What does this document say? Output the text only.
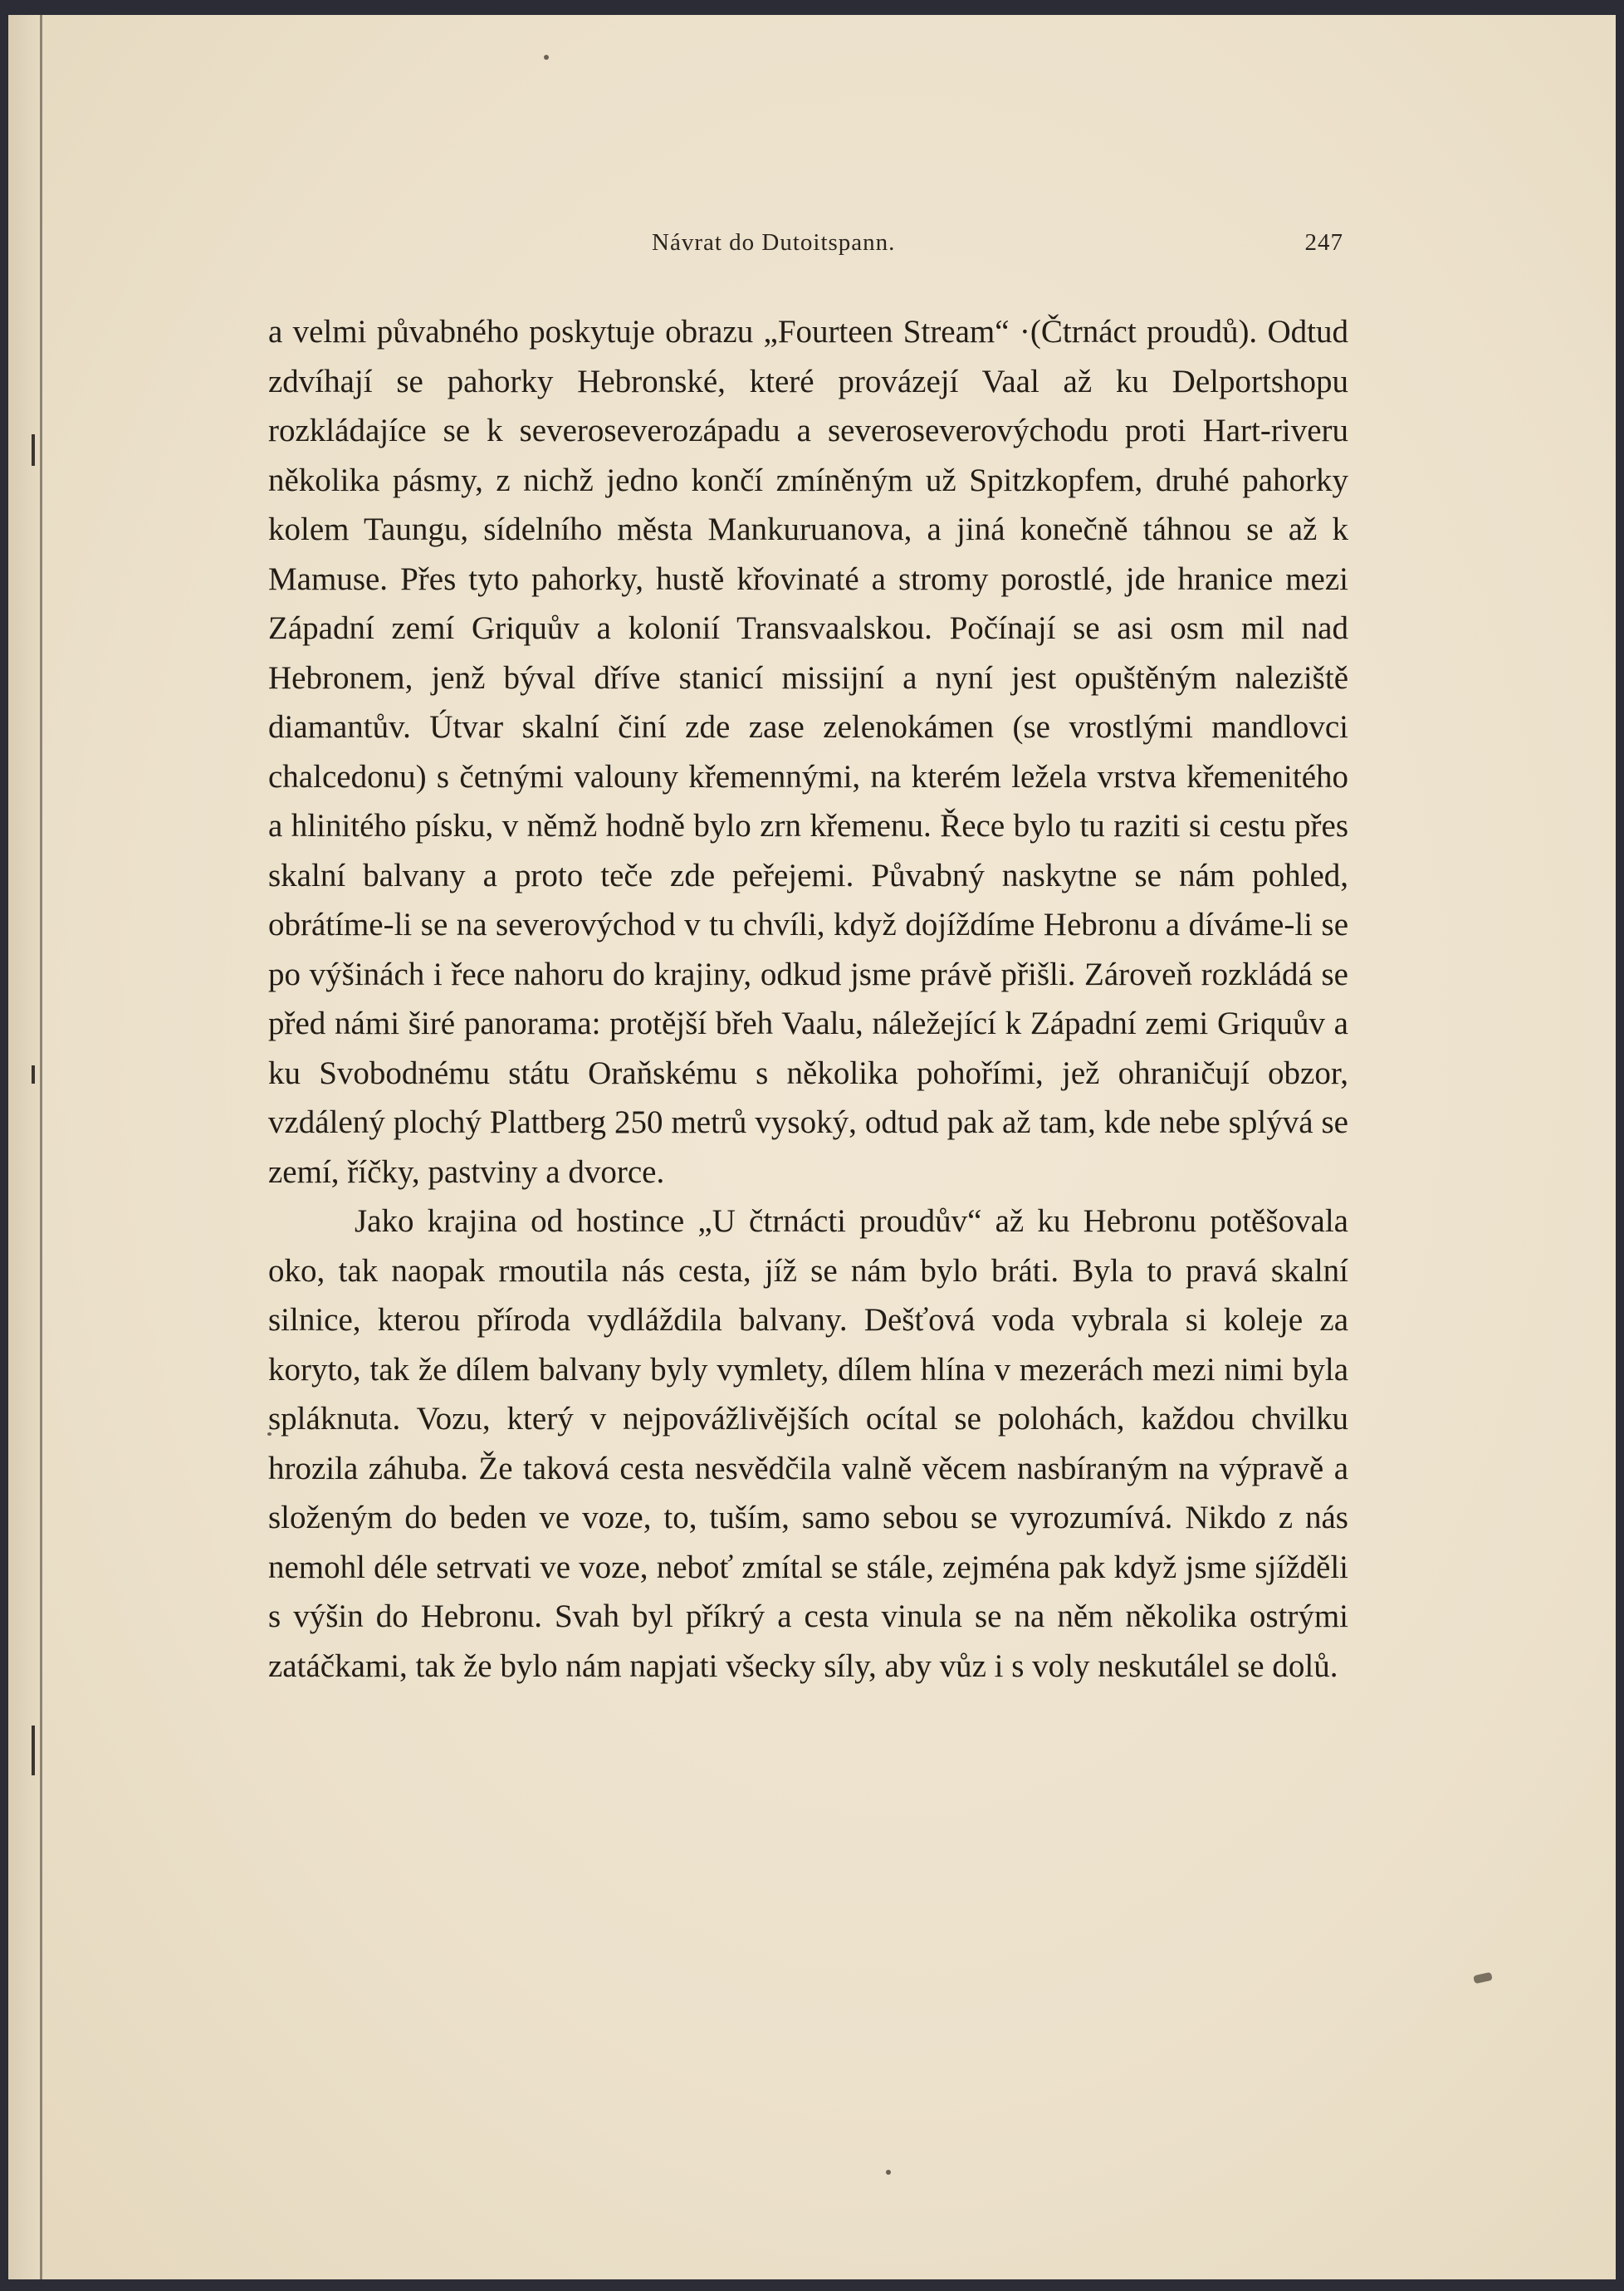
Návrat do Dutoitspann.	247

a velmi půvabného poskytuje obrazu „Fourteen Stream“ ·(Čtrnáct proudů). Odtud zdvíhají se pahorky Hebronské, které provázejí Vaal až ku Delportshopu rozkládajíce se k severoseverozápadu a severoseverovýchodu proti Hart-riveru několika pásmy, z nichž jedno končí zmíněným už Spitzkopfem, druhé pahorky kolem Taungu, sídelního města Mankuruanova, a jiná konečně táhnou se až k Mamuse. Přes tyto pahorky, hustě křovinaté a stromy porostlé, jde hranice mezi Západní zemí Griquův a kolonií Transvaalskou. Počínají se asi osm mil nad Hebronem, jenž býval dříve stanicí missijní a nyní jest opuštěným naleziště diamantův. Útvar skalní činí zde zase zelenokámen (se vrostlými mandlovci chalcedonu) s četnými valouny křemennými, na kterém ležela vrstva křemenitého a hlinitého písku, v němž hodně bylo zrn křemenu. Řece bylo tu raziti si cestu přes skalní balvany a proto teče zde peřejemi. Půvabný naskytne se nám pohled, obrátíme-li se na severovýchod v tu chvíli, když dojíždíme Hebronu a díváme-li se po výšinách i řece nahoru do krajiny, odkud jsme právě přišli. Zároveň rozkládá se před námi širé panorama: protější břeh Vaalu, náležející k Západní zemi Griquův a ku Svobodnému státu Oraňskému s několika pohořími, jež ohraničují obzor, vzdálený plochý Plattberg 250 metrů vysoký, odtud pak až tam, kde nebe splývá se zemí, říčky, pastviny a dvorce.

Jako krajina od hostince „U čtrnácti proudův“ až ku Hebronu potěšovala oko, tak naopak rmoutila nás cesta, jíž se nám bylo bráti. Byla to pravá skalní silnice, kterou příroda vydláždila balvany. Dešťová voda vybrala si koleje za koryto, tak že dílem balvany byly vymlety, dílem hlína v mezerách mezi nimi byla spláknuta. Vozu, který v nejpovážlivějších ocítal se polohách, každou chvilku hrozila záhuba. Že taková cesta nesvědčila valně věcem nasbíraným na výpravě a složeným do beden ve voze, to, tuším, samo sebou se vyrozumívá. Nikdo z nás nemohl déle setrvati ve voze, neboť zmítal se stále, zejména pak když jsme sjížděli s výšin do Hebronu. Svah byl příkrý a cesta vinula se na něm několika ostrými zatáčkami, tak že bylo nám napjati všecky síly, aby vůz i s voly neskutálel se dolů.
